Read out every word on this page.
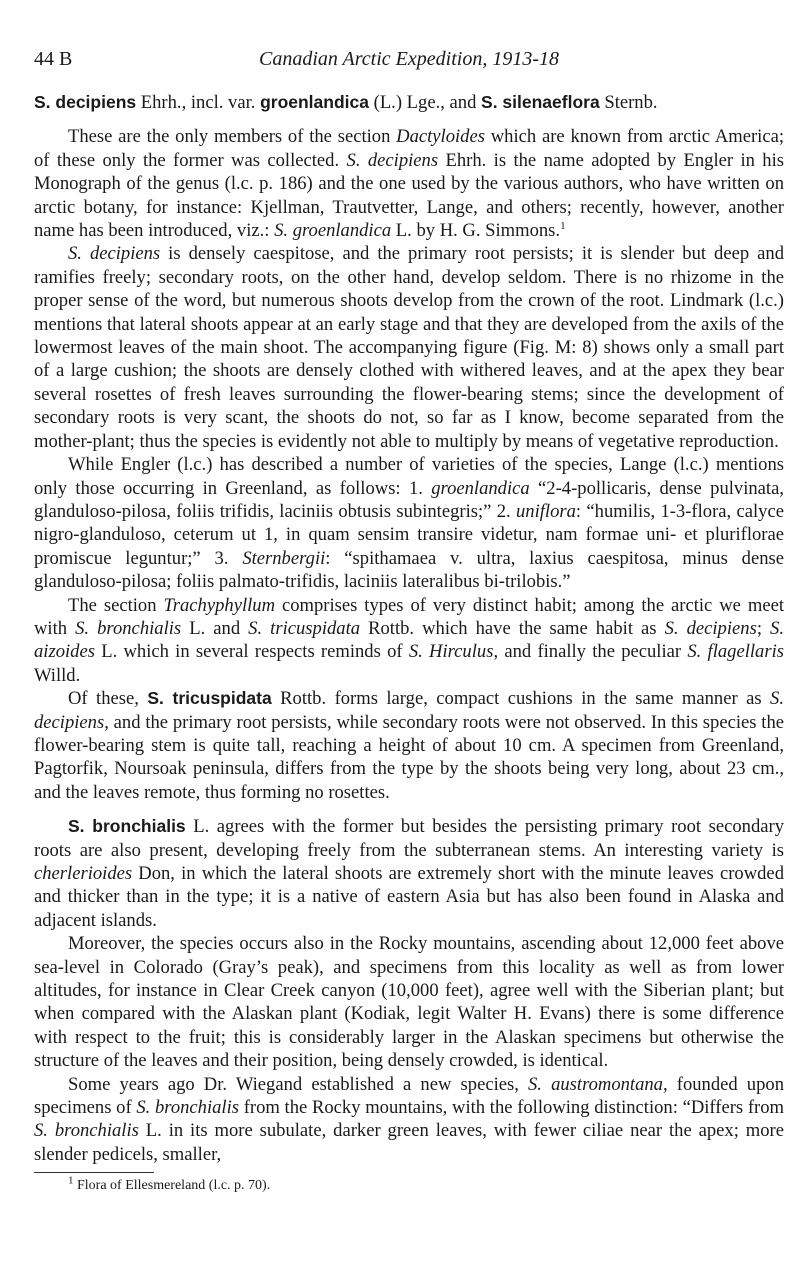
44 B	Canadian Arctic Expedition, 1913-18

S. decipiens Ehrh., incl. var. groenlandica (L.) Lge., and S. silenaeflora Sternb.

These are the only members of the section Dactyloides which are known from arctic America; of these only the former was collected. S. decipiens Ehrh. is the name adopted by Engler in his Monograph of the genus (l.c. p. 186) and the one used by the various authors, who have written on arctic botany, for instance: Kjellman, Trautvetter, Lange, and others; recently, however, another name has been introduced, viz.: S. groenlandica L. by H. G. Simmons.$^1$

S. decipiens is densely caespitose, and the primary root persists; it is slender but deep and ramifies freely; secondary roots, on the other hand, develop seldom. There is no rhizome in the proper sense of the word, but numerous shoots develop from the crown of the root. Lindmark (l.c.) mentions that lateral shoots appear at an early stage and that they are developed from the axils of the lowermost leaves of the main shoot. The accompanying figure (Fig. M: 8) shows only a small part of a large cushion; the shoots are densely clothed with withered leaves, and at the apex they bear several rosettes of fresh leaves surrounding the flower-bearing stems; since the development of secondary roots is very scant, the shoots do not, so far as I know, become separated from the mother-plant; thus the species is evidently not able to multiply by means of vegetative reproduction.

While Engler (l.c.) has described a number of varieties of the species, Lange (l.c.) mentions only those occurring in Greenland, as follows: 1. groenlandica “2-4-pollicaris, dense pulvinata, glanduloso-pilosa, foliis trifidis, laciniis obtusis subintegris;” 2. uniflora: “humilis, 1-3-flora, calyce nigro-glanduloso, ceterum ut 1, in quam sensim transire videtur, nam formae uni- et pluriflorae promiscue leguntur;” 3. Sternbergii: “spithamaea v. ultra, laxius caespitosa, minus dense glanduloso-pilosa; foliis palmato-trifidis, laciniis lateralibus bi-trilobis.”

The section Trachyphyllum comprises types of very distinct habit; among the arctic we meet with S. bronchialis L. and S. tricuspidata Rottb. which have the same habit as S. decipiens; S. aizoides L. which in several respects reminds of S. Hirculus, and finally the peculiar S. flagellaris Willd.

Of these, S. tricuspidata Rottb. forms large, compact cushions in the same manner as S. decipiens, and the primary root persists, while secondary roots were not observed. In this species the flower-bearing stem is quite tall, reaching a height of about 10 cm. A specimen from Greenland, Pagtorfik, Noursoak peninsula, differs from the type by the shoots being very long, about 23 cm., and the leaves remote, thus forming no rosettes.

S. bronchialis L. agrees with the former but besides the persisting primary root secondary roots are also present, developing freely from the subterranean stems. An interesting variety is cherlerioides Don, in which the lateral shoots are extremely short with the minute leaves crowded and thicker than in the type; it is a native of eastern Asia but has also been found in Alaska and adjacent islands.

Moreover, the species occurs also in the Rocky mountains, ascending about 12,000 feet above sea-level in Colorado (Gray’s peak), and specimens from this locality as well as from lower altitudes, for instance in Clear Creek canyon (10,000 feet), agree well with the Siberian plant; but when compared with the Alaskan plant (Kodiak, legit Walter H. Evans) there is some difference with respect to the fruit; this is considerably larger in the Alaskan specimens but otherwise the structure of the leaves and their position, being densely crowded, is identical.

Some years ago Dr. Wiegand established a new species, S. austromontana, founded upon specimens of S. bronchialis from the Rocky mountains, with the following distinction: “Differs from S. bronchialis L. in its more subulate, darker green leaves, with fewer ciliae near the apex; more slender pedicels, smaller,

$^1$ Flora of Ellesmereland (l.c. p. 70).
